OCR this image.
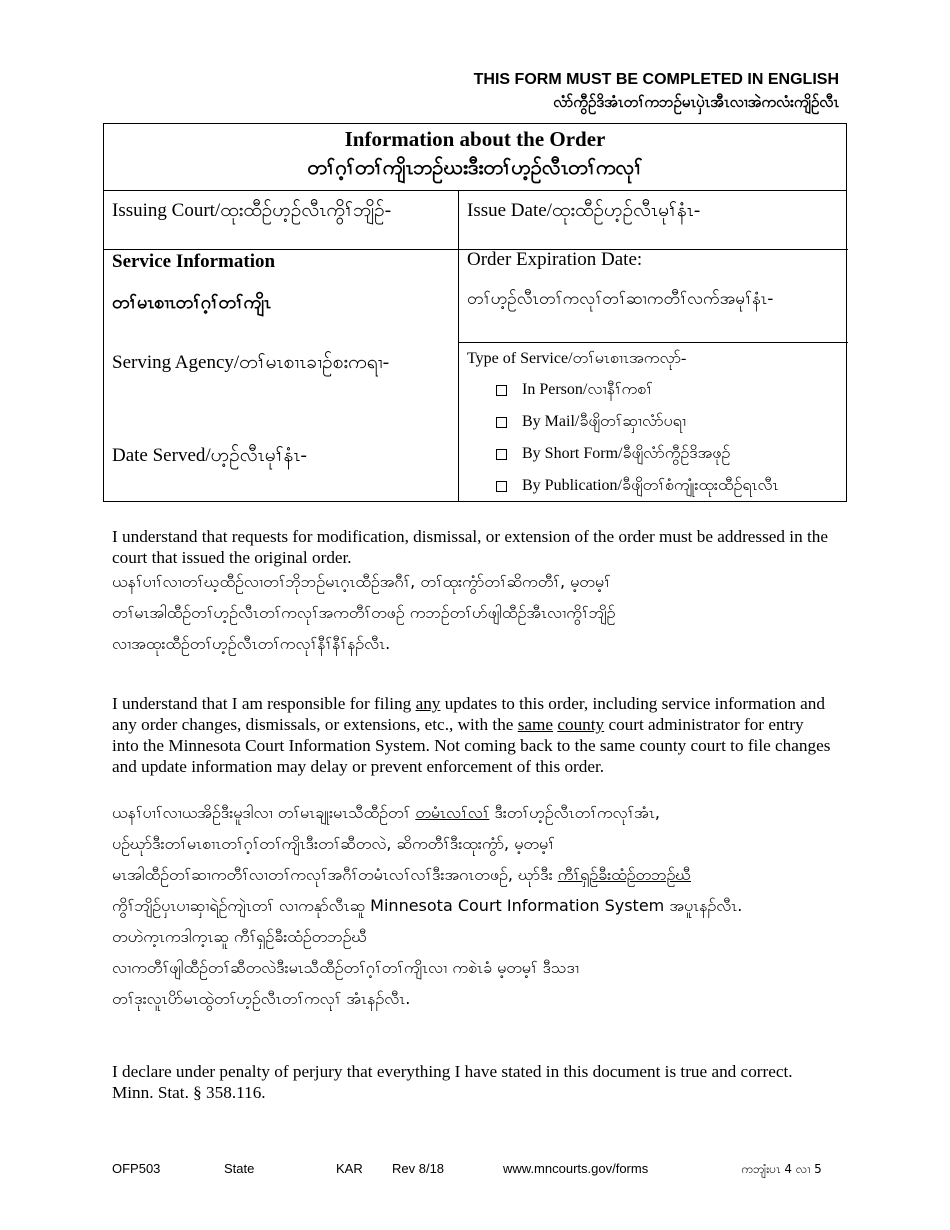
THIS FORM MUST BE COMPLETED IN ENGLISH
လံာ်ကွီဉ်ဒိအံၤတၢ်ကဘဉ်မၤပှဲၤအီၤလၢအဲကလံးကျိဉ်လီၤ
Information about the Order
တၢ်ဂ့ၢ်တၢ်ကျိၤဘဉ်ဃးဒီးတၢ်ဟ့ဉ်လီၤတၢ်ကလုၢ်
Issuing Court/ထုးထီဉ်ဟ့ဉ်လီၤကွိၢ်ဘျိဉ်-	Issue Date/ထုးထီဉ်ဟ့ဉ်လီၤမုၢ်နံၤ-
Service Information
တၢ်မၤစၢၤတၢ်ဂ့ၢ်တၢ်ကျိၤ
Order Expiration Date:
တၢ်ဟ့ဉ်လီၤတၢ်ကလုၢ်တၢ်ဆၢကတီၢ်လက်အမုၢ်နံၤ-
Serving Agency/တၢ်မၤစၢၤခၢဉ်စးကရၢ-
Date Served/ဟ့ဉ်လီၤမုၢ်နံၤ-
Type of Service/တၢ်မၤစၢၤအကလုာ်-
In Person/လၢနီၢ်ကစၢ်
By Mail/ခီဖျိတၢ်ဆှၢလံာ်ပရၢ
By Short Form/ခီဖျိလံာ်ကွီဉ်ဒိအဖုဉ်
By Publication/ခီဖျိတၢ်စံကျုံးထုးထီဉ်ရၤလီၤ
I understand that requests for modification, dismissal, or extension of the order must be addressed in the court that issued the original order.
ယနၢ်ပၢၢ်လၢတၢ်ဃ့ထီဉ်လၢတၢ်ဘိုဘဉ်မၤဂ့ၤထီဉ်အဂီၢ်, တၢ်ထုးကွံာ်တၢ်ဆိကတီၢ်, မ့တမ့ၢ်
တၢ်မၤအါထီဉ်တၢ်ဟ့ဉ်လီၤတၢ်ကလုၢ်အကတီၢ်တဖဉ် ကဘဉ်တၢ်ဟ်ဖျါထီဉ်အီၤလၢကွိၢ်ဘျိဉ်
လၢအထုးထီဉ်တၢ်ဟ့ဉ်လီၤတၢ်ကလုၢ်နီၢ်နီၢ်နၣ်လီၤ.
I understand that I am responsible for filing any updates to this order, including service information and any order changes, dismissals, or extensions, etc., with the same county court administrator for entry into the Minnesota Court Information System. Not coming back to the same county court to file changes and update information may delay or prevent enforcement of this order.
ယနၢ်ပၢၢ်လၢယအိဉ်ဒီးမူဒါလၢ တၢ်မၤချုးမၤသီထီဉ်တၢ် တမံၤလၢ်လၢ် ဒီးတၢ်ဟ့ဉ်လီၤတၢ်ကလုၢ်အံၤ,
ပဉ်ဃုာ်ဒီးတၢ်မၤစၢၤတၢ်ဂ့ၢ်တၢ်ကျိၤဒီးတၢ်ဆီတလဲ, ဆိကတီၢ်ဒီးထုးကွံာ်, မ့တမ့ၢ်
မၤအါထီဉ်တၢ်ဆၢကတီၢ်လၢတၢ်ကလုၢ်အဂီၢ်တမံၤလၢ်လၢ်ဒီးအဂၤတဖဉ်, ဃုာ်ဒီး ကီၢ်ရှဉ်ခီးထံဉ်တဘဉ်ဃီ
ကွိၢ်ဘျိဉ်ပှၤပၢဆှၢရဲဉ်ကျဲၤတၢ် လၢကနုာ်လီၤဆူ Minnesota Court Information System အပူၤနၣ်လီၤ.
တဟဲက့ၤကဒါက့ၤဆူ ကီၢ်ရှဉ်ခီးထံဉ်တဘဉ်ဃီ
လၢကတီၢ်ဖျါထီဉ်တၢ်ဆီတလဲဒီးမၤသီထီဉ်တၢ်ဂ့ၢ်တၢ်ကျိၤလၢ ကစဲၤခံ မ့တမ့ၢ် ဒီသဒၢ
တၢ်ဒုးလူၤပိာ်မၤထွဲတၢ်ဟ့ဉ်လီၤတၢ်ကလုၢ် အံၤနၣ်လီၤ.
I declare under penalty of perjury that everything I have stated in this document is true and correct. Minn. Stat. § 358.116.
OFP503	State	KAR Rev 8/18	www.mncourts.gov/forms	ကဘျံးပၤ 4 လၢ 5
